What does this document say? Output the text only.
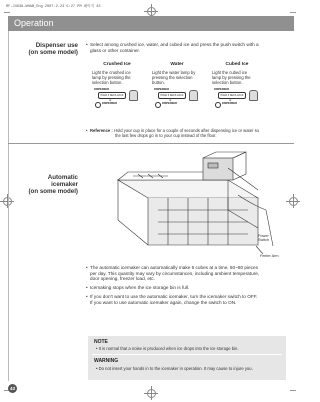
RF-J4636-WHAB_Eng 2007.2.23 5:27 PM 페이지 43
Operation
Dispenser use
(on some model)
• Select among crushed ice, water, and cubed ice and press the push switch with a
glass or other container.
Crushed Ice
Light the crushed ice
lamp by pressing the
selection button.
DISPENSER
HOLD 3 SECS LOCK
or
DISPENSER
Water
Light the water lamp by
pressing the selection
button.
DISPENSER
HOLD 3 SECS LOCK
or
DISPENSER
Cubed Ice
Light the cubed ice
lamp by pressing the
selection button.
DISPENSER
HOLD 3 SECS LOCK
or
DISPENSER
• Reference : Hold your cup in place for a couple of seconds after dispensing ice or water so
the last few drops go in to your cup instead of the floor.
Automatic
icemaker
(on some model)
Power
Switch
Feeler Arm
• The automatic icemaker can automatically make 6 cubes at a time, 60~80 pieces
per day. This quantity may vary by circumstances, including ambient temperature,
door opening, freezer load, etc.
• Icemaking stops when the ice storage bin is full.
• If you don't want to use the automatic icemaker, turn the icemaker switch to OFF.
If you want to use automatic icemaker again, change the switch to ON.
NOTE
• It is normal that a noise is produced when ice drops into the ice storage bin.
WARNING
• Do not insert your hands in to the icemaker in operation. It may cause to injure you.
43
